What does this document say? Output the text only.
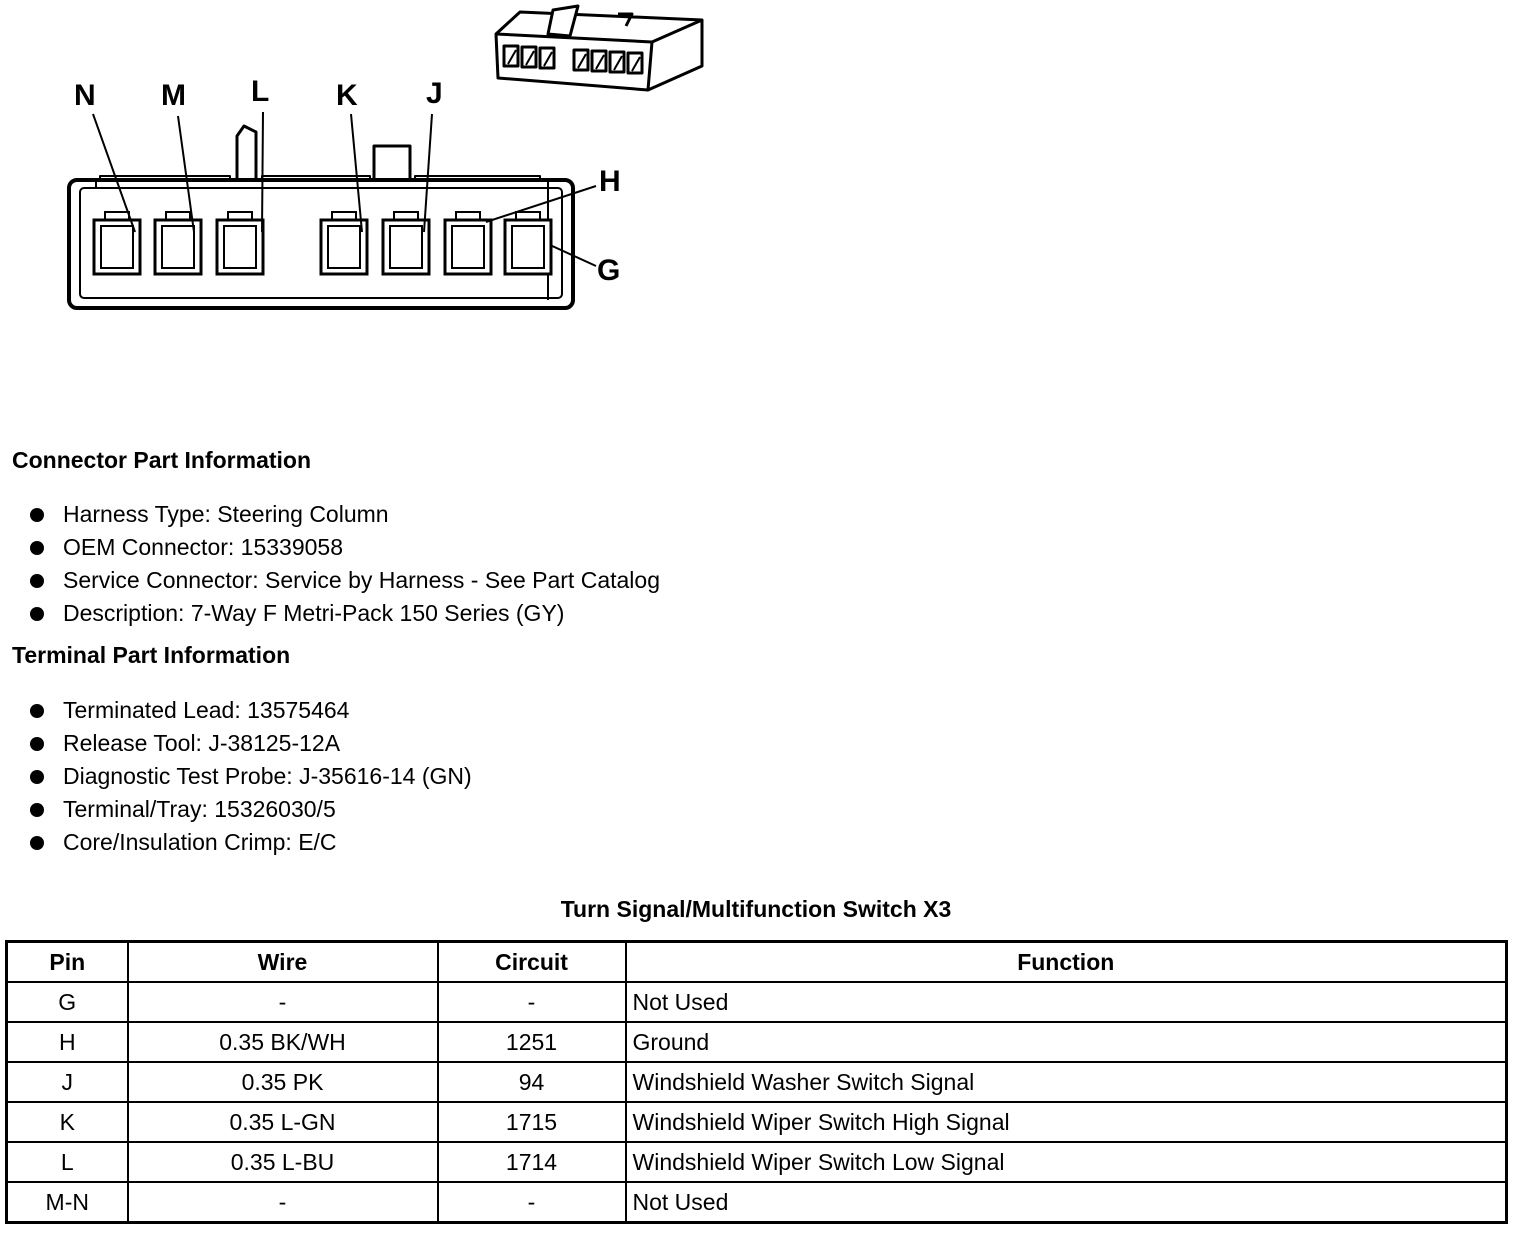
N M L K J
H
G
Connector Part Information
Harness Type: Steering Column
OEM Connector: 15339058
Service Connector: Service by Harness - See Part Catalog
Description: 7-Way F Metri-Pack 150 Series (GY)
Terminal Part Information
Terminated Lead: 13575464
Release Tool: J-38125-12A
Diagnostic Test Probe: J-35616-14 (GN)
Terminal/Tray: 15326030/5
Core/Insulation Crimp: E/C
Turn Signal/Multifunction Switch X3
Pin	Wire	Circuit	Function
G	-	-	Not Used
H	0.35 BK/WH	1251	Ground
J	0.35 PK	94	Windshield Washer Switch Signal
K	0.35 L-GN	1715	Windshield Wiper Switch High Signal
L	0.35 L-BU	1714	Windshield Wiper Switch Low Signal
M-N	-	-	Not Used
